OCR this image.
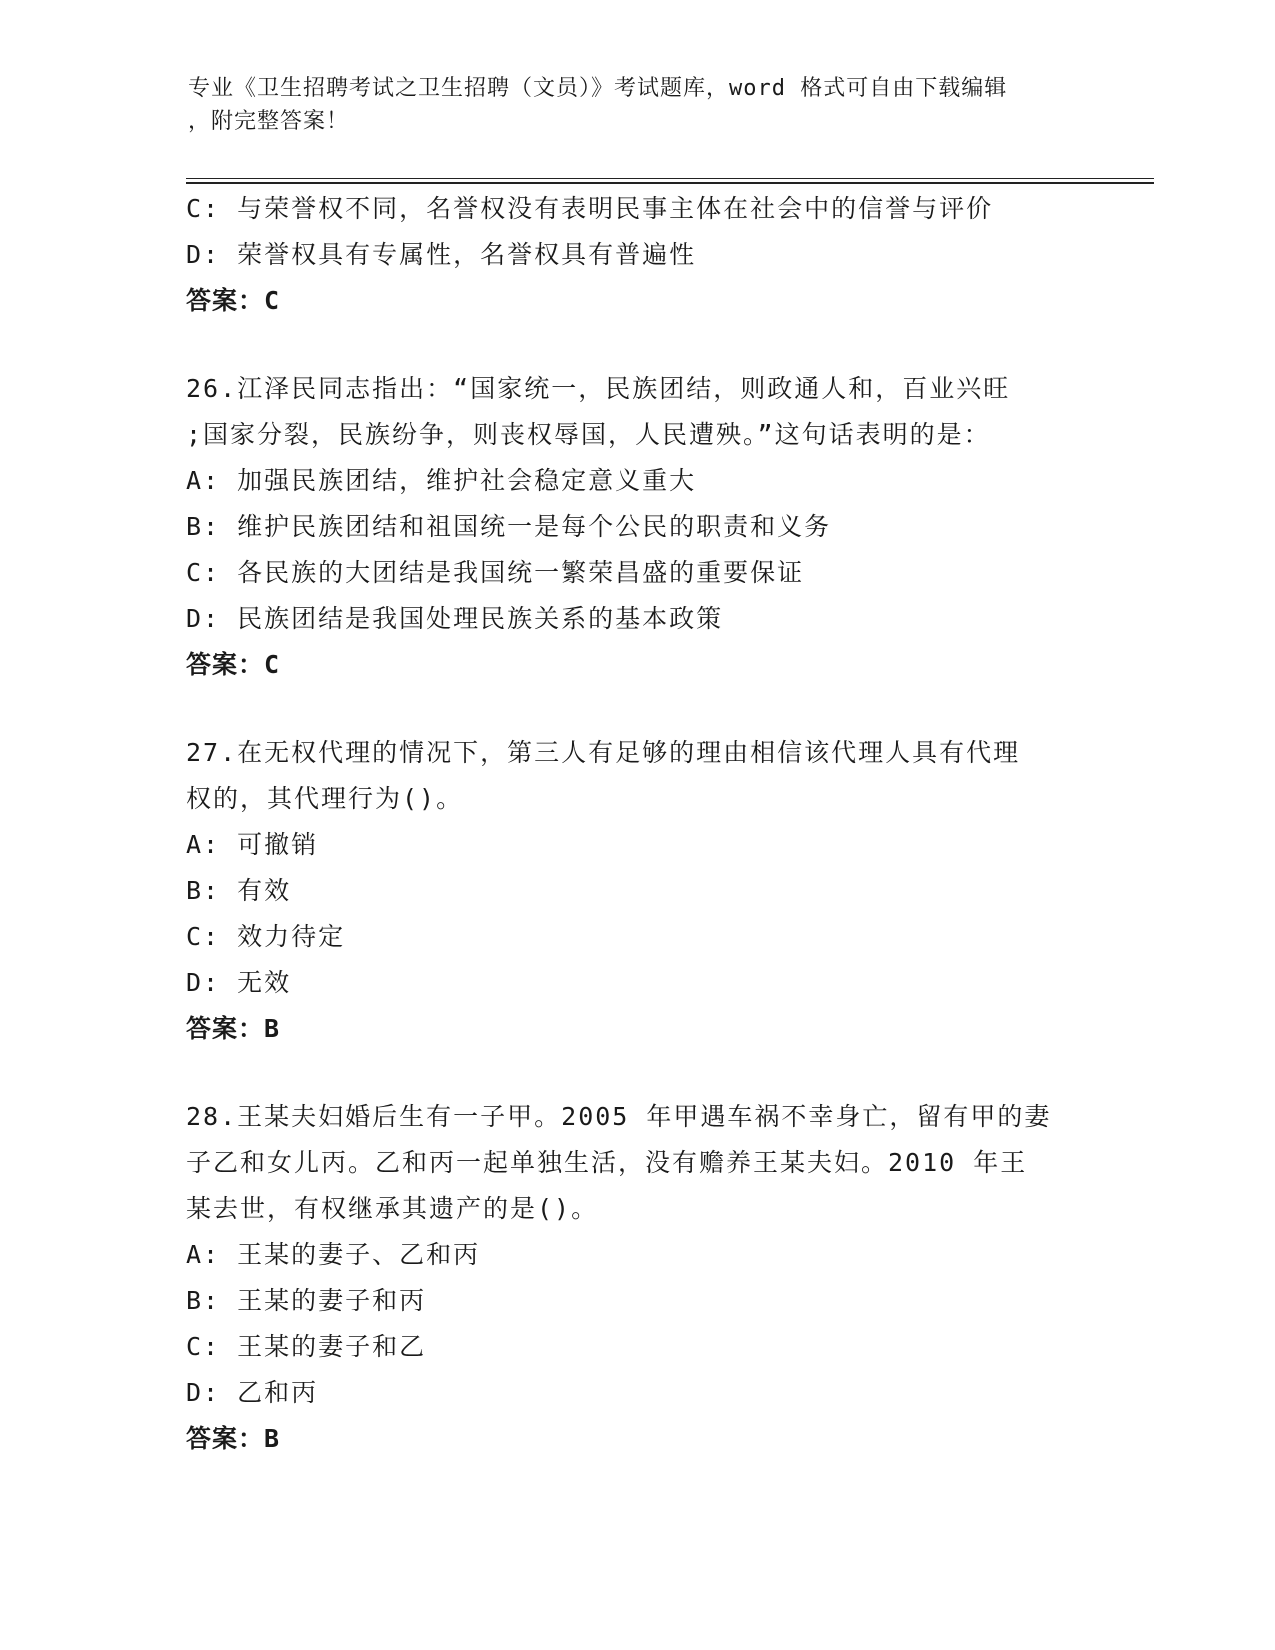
专业《卫生招聘考试之卫生招聘（文员）》考试题库，word 格式可自由下载编辑
，附完整答案！

C: 与荣誉权不同，名誉权没有表明民事主体在社会中的信誉与评价

D: 荣誉权具有专属性，名誉权具有普遍性

答案：C

26.江泽民同志指出：“国家统一，民族团结，则政通人和，百业兴旺

;国家分裂，民族纷争，则丧权辱国，人民遭殃。”这句话表明的是：

A: 加强民族团结，维护社会稳定意义重大

B: 维护民族团结和祖国统一是每个公民的职责和义务

C: 各民族的大团结是我国统一繁荣昌盛的重要保证

D: 民族团结是我国处理民族关系的基本政策

答案：C

27.在无权代理的情况下，第三人有足够的理由相信该代理人具有代理

权的，其代理行为()。

A: 可撤销

B: 有效

C: 效力待定

D: 无效

答案：B

28.王某夫妇婚后生有一子甲。2005 年甲遇车祸不幸身亡，留有甲的妻

子乙和女儿丙。乙和丙一起单独生活，没有赡养王某夫妇。2010 年王

某去世，有权继承其遗产的是()。

A: 王某的妻子、乙和丙

B: 王某的妻子和丙

C: 王某的妻子和乙

D: 乙和丙

答案：B
